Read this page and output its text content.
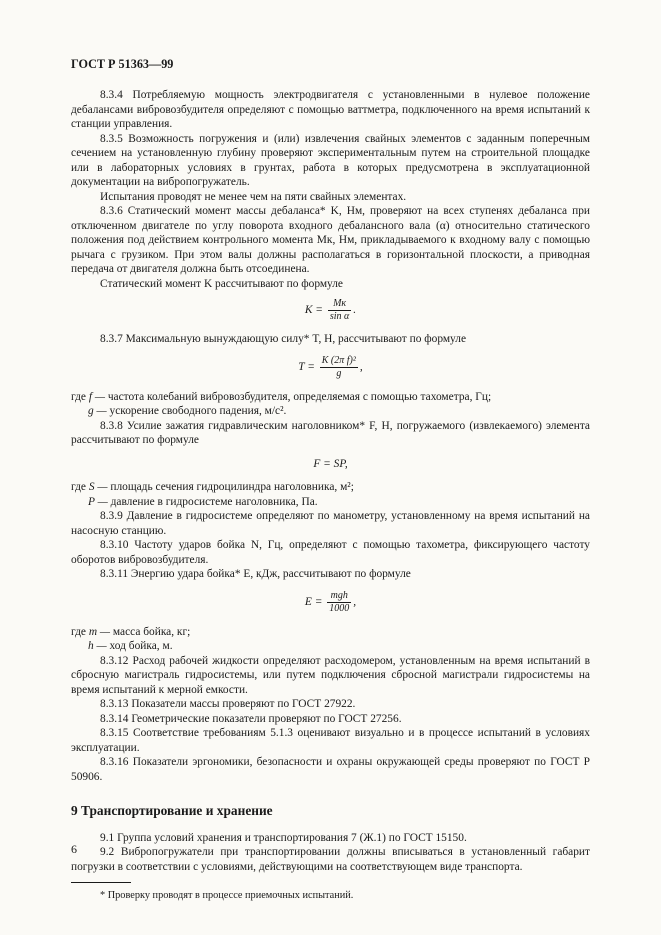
ГОСТ Р 51363—99

8.3.4 Потребляемую мощность электродвигателя с установленными в нулевое положение дебалансами вибровозбудителя определяют с помощью ваттметра, подключенного на время испытаний к станции управления.

8.3.5 Возможность погружения и (или) извлечения свайных элементов с заданным поперечным сечением на установленную глубину проверяют экспериментальным путем на строительной площадке или в лабораторных условиях в грунтах, работа в которых предусмотрена в эксплуатационной документации на вибропогружатель.

Испытания проводят не менее чем на пяти свайных элементах.

8.3.6 Статический момент массы дебаланса* K, Нм, проверяют на всех ступенях дебаланса при отключенном двигателе по углу поворота входного дебалансного вала (α) относительно статического положения под действием контрольного момента Мк, Нм, прикладываемого к входному валу с помощью рычага с грузиком. При этом валы должны располагаться в горизонтальной плоскости, а приводная передача от двигателя должна быть отсоединена.

Статический момент K рассчитывают по формуле

$K = \frac{Мк}{\text{sin α}}$ .

8.3.7 Максимальную вынуждающую силу* T, Н, рассчитывают по формуле

$T = \frac{\text{K (2π f)²}}{g}$ ,

где f — частота колебаний вибровозбудителя, определяемая с помощью тахометра, Гц;

g — ускорение свободного падения, м/с².

8.3.8 Усилие зажатия гидравлическим наголовником* F, Н, погружаемого (извлекаемого) элемента рассчитывают по формуле

F = SP,

где S — площадь сечения гидроцилиндра наголовника, м²;

P — давление в гидросистеме наголовника, Па.

8.3.9 Давление в гидросистеме определяют по манометру, установленному на время испытаний на насосную станцию.

8.3.10 Частоту ударов бойка N, Гц, определяют с помощью тахометра, фиксирующего частоту оборотов вибровозбудителя.

8.3.11 Энергию удара бойка* E, кДж, рассчитывают по формуле

$E = \frac{\text{mgh}}{1000}$ ,

где m — масса бойка, кг;

h — ход бойка, м.

8.3.12 Расход рабочей жидкости определяют расходомером, установленным на время испытаний в сбросную магистраль гидросистемы, или путем подключения сбросной магистрали гидросистемы на время испытаний к мерной емкости.

8.3.13 Показатели массы проверяют по ГОСТ 27922.

8.3.14 Геометрические показатели проверяют по ГОСТ 27256.

8.3.15 Соответствие требованиям 5.1.3 оценивают визуально и в процессе испытаний в условиях эксплуатации.

8.3.16 Показатели эргономики, безопасности и охраны окружающей среды проверяют по ГОСТ Р 50906.

9 Транспортирование и хранение

9.1 Группа условий хранения и транспортирования 7 (Ж.1) по ГОСТ 15150.

9.2 Вибропогружатели при транспортировании должны вписываться в установленный габарит погрузки в соответствии с условиями, действующими на соответствующем виде транспорта.

* Проверку проводят в процессе приемочных испытаний.

6
